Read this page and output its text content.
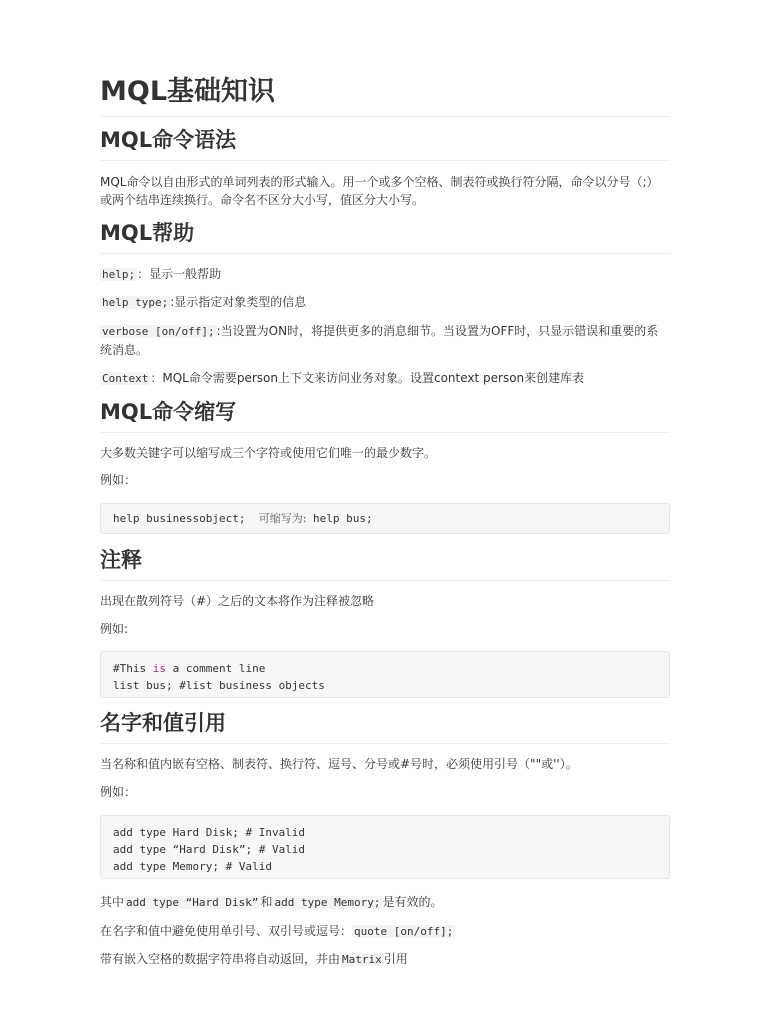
MQL基础知识
MQL命令语法

MQL命令以自由形式的单词列表的形式输入。用一个或多个空格、制表符或换行符分隔，命令以分号（;）或两个结串连续换行。命令名不区分大小写，值区分大小写。

MQL帮助

help; ：显示一般帮助

help type; :显示指定对象类型的信息

verbose [on/off]; :当设置为ON时，将提供更多的消息细节。当设置为OFF时，只显示错误和重要的系统消息。

Context ：MQL命令需要person上下文来访问业务对象。设置context person来创建库表

MQL命令缩写

大多数关键字可以缩写成三个字符或使用它们唯一的最少数字。

例如：

help businessobject; 可缩写为: help bus;
注释

出现在散列符号（#）之后的文本将作为注释被忽略

例如:

#This is a comment line
list bus; #list business objects
名字和值引用

当名称和值内嵌有空格、制表符、换行符、逗号、分号或#号时，必须使用引号（""或''）。

例如：

add type Hard Disk; # Invalid
add type “Hard Disk”; # Valid
add type Memory; # Valid

其中 add type “Hard Disk” 和 add type Memory; 是有效的。

在名字和值中避免使用单引号、双引号或逗号： quote [on/off];

带有嵌入空格的数据字符串将自动返回，并由 Matrix 引用
